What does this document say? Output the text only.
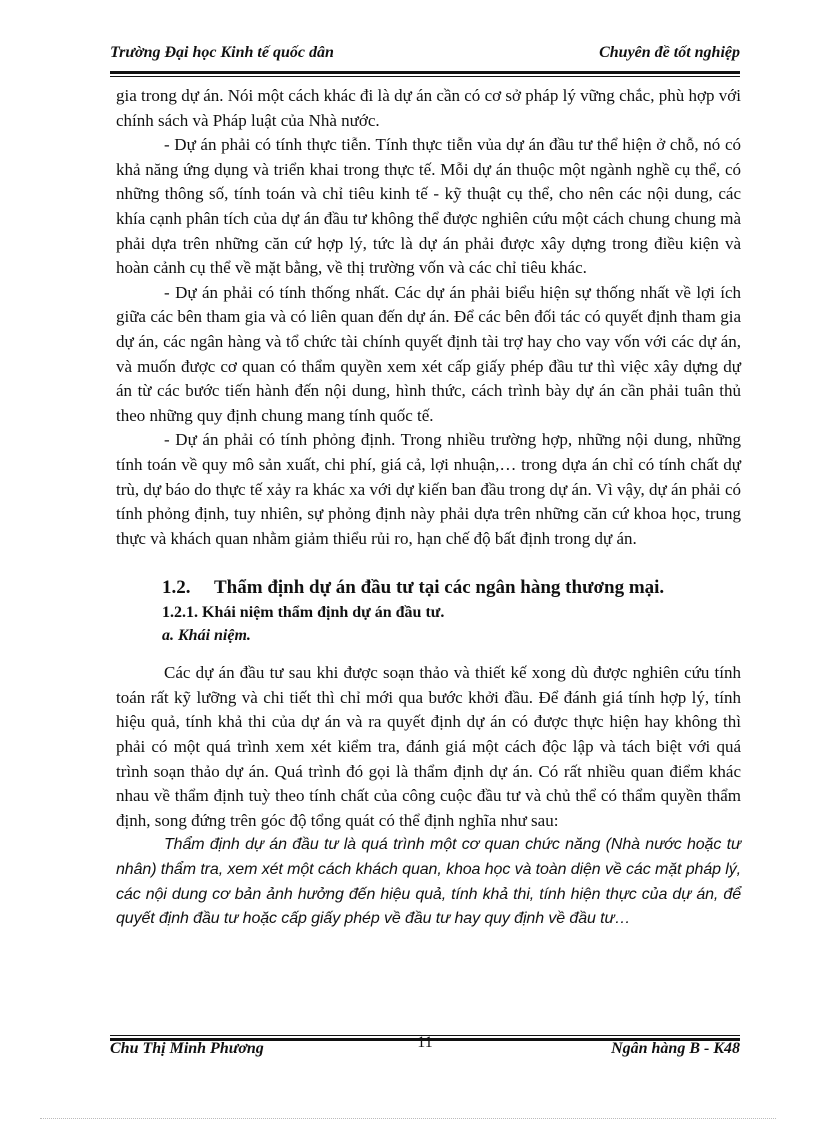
Trường Đại học Kinh tế quốc dân	Chuyên đề tốt nghiệp

gia trong dự án. Nói một cách khác đi là dự án cần có cơ sở pháp lý vững chắc, phù hợp với chính sách và Pháp luật của Nhà nước.

- Dự án phải có tính thực tiễn. Tính thực tiễn vủa dự án đầu tư thể hiện ở chỗ, nó có khả năng ứng dụng và triển khai trong thực tế. Mỗi dự án thuộc một ngành nghề cụ thể, có những thông số, tính toán và chỉ tiêu kinh tế - kỹ thuật cụ thể, cho nên các nội dung, các khía cạnh phân tích của dự án đầu tư không thể được nghiên cứu một cách chung chung mà phải dựa trên những căn cứ hợp lý, tức là dự án phải được xây dựng trong điều kiện và hoàn cảnh cụ thể về mặt bằng, về thị trường vốn và các chỉ tiêu khác.

- Dự án phải có tính thống nhất. Các dự án phải biểu hiện sự thống nhất về lợi ích giữa các bên tham gia và có liên quan đến dự án. Để các bên đối tác có quyết định tham gia dự án, các ngân hàng và tổ chức tài chính quyết định tài trợ hay cho vay vốn với các dự án, và muốn được cơ quan có thẩm quyền xem xét cấp giấy phép đầu tư thì việc xây dựng dự án từ các bước tiến hành đến nội dung, hình thức, cách trình bày dự án cần phải tuân thủ theo những quy định chung mang tính quốc tế.

- Dự án phải có tính phỏng định. Trong nhiều trường hợp, những nội dung, những tính toán về quy mô sản xuất, chi phí, giá cả, lợi nhuận,… trong dựa án chỉ có tính chất dự trù, dự báo do thực tế xảy ra khác xa với dự kiến ban đầu trong dự án. Vì vậy, dự án phải có tính phỏng định, tuy nhiên, sự phỏng định này phải dựa trên những căn cứ khoa học, trung thực và khách quan nhằm giảm thiểu rủi ro, hạn chế độ bất định trong dự án.

1.2. Thẩm định dự án đầu tư tại các ngân hàng thương mại.

1.2.1. Khái niệm thẩm định dự án đầu tư.

a. Khái niệm.

Các dự án đầu tư sau khi được soạn thảo và thiết kế xong dù được nghiên cứu tính toán rất kỹ lưỡng và chi tiết thì chỉ mới qua bước khởi đầu. Để đánh giá tính hợp lý, tính hiệu quả, tính khả thi của dự án và ra quyết định dự án có được thực hiện hay không thì phải có một quá trình xem xét kiểm tra, đánh giá một cách độc lập và tách biệt với quá trình soạn thảo dự án. Quá trình đó gọi là thẩm định dự án. Có rất nhiều quan điểm khác nhau về thẩm định tuỳ theo tính chất của công cuộc đầu tư và chủ thể có thẩm quyền thẩm định, song đứng trên góc độ tổng quát có thể định nghĩa như sau:

Thẩm định dự án đầu tư là quá trình một cơ quan chức năng (Nhà nước hoặc tư nhân) thẩm tra, xem xét một cách khách quan, khoa học và toàn diện về các mặt pháp lý, các nội dung cơ bản ảnh hưởng đến hiệu quả, tính khả thi, tính hiện thực của dự án, để quyết định đầu tư hoặc cấp giấy phép về đầu tư hay quy định về đầu tư…

Chu Thị Minh Phương	11	Ngân hàng B - K48
